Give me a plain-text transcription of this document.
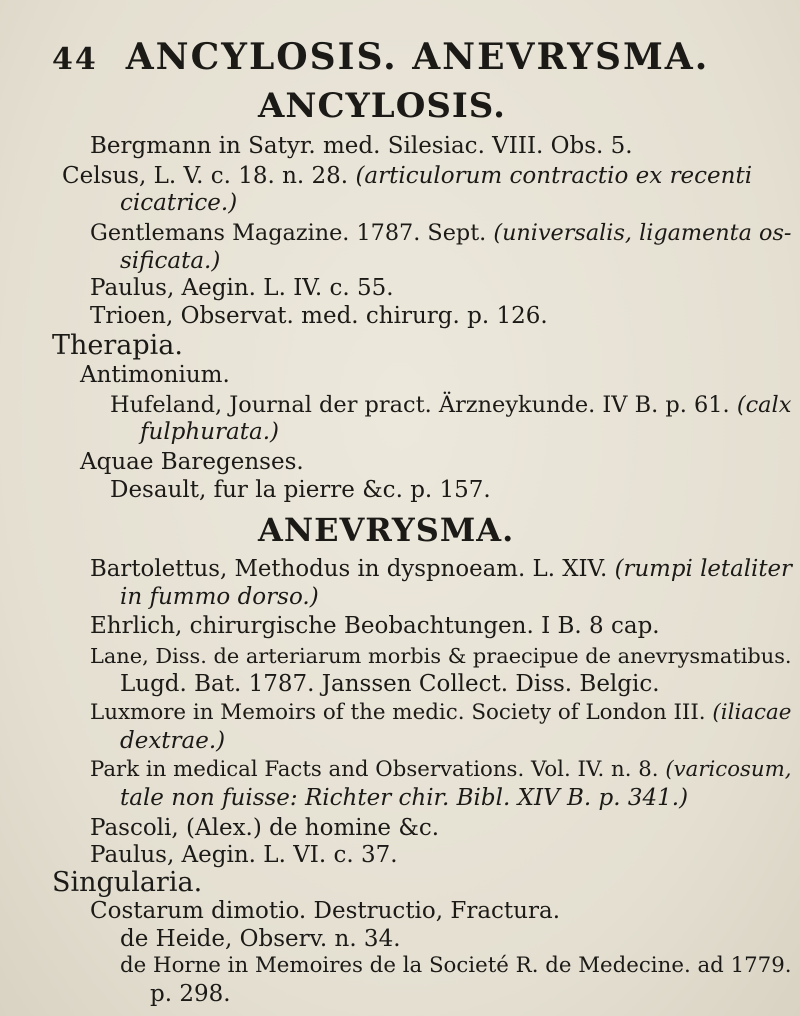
44 ANCYLOSIS. ANEVRYSMA.
ANCYLOSIS.
Bergmann in Satyr. med. Silesiac. VIII. Obs. 5.
Celsus, L. V. c. 18. n. 28. (articulorum contractio ex recenti
cicatrice.)
Gentlemans Magazine. 1787. Sept. (universalis, ligamenta os-
sificata.)
Paulus, Aegin. L. IV. c. 55.
Trioen, Observat. med. chirurg. p. 126.
Therapia.
Antimonium.
Hufeland, Journal der pract. Ärzneykunde. IV B. p. 61. (calx
fulphurata.)
Aquae Baregenses.
Desault, fur la pierre &c. p. 157.
ANEVRYSMA.
Bartolettus, Methodus in dyspnoeam. L. XIV. (rumpi letaliter
in fummo dorso.)
Ehrlich, chirurgische Beobachtungen. I B. 8 cap.
Lane, Diss. de arteriarum morbis & praecipue de anevrysmatibus.
Lugd. Bat. 1787. Janssen Collect. Diss. Belgic.
Luxmore in Memoirs of the medic. Society of London III. (iliacae
dextrae.)
Park in medical Facts and Observations. Vol. IV. n. 8. (varicosum,
tale non fuisse: Richter chir. Bibl. XIV B. p. 341.)
Pascoli, (Alex.) de homine &c.
Paulus, Aegin. L. VI. c. 37.
Singularia.
Costarum dimotio. Destructio, Fractura.
de Heide, Observ. n. 34.
de Horne in Memoires de la Societé R. de Medecine. ad 1779.
p. 298.
